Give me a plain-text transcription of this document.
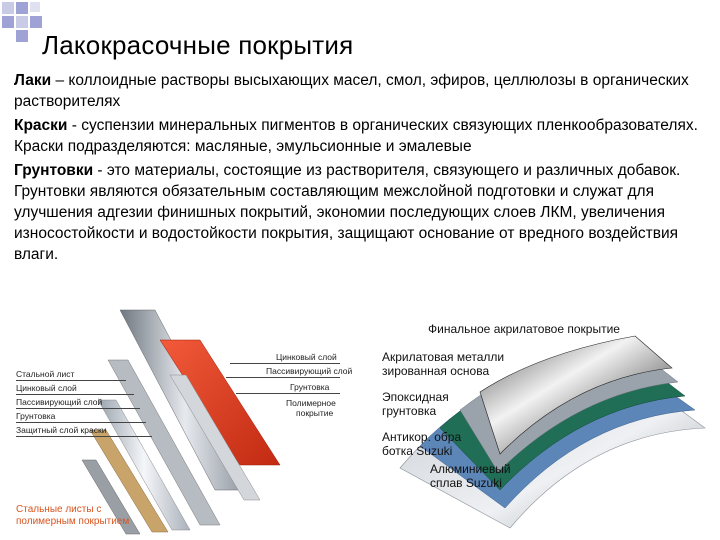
Лакокрасочные покрытия

Лаки – коллоидные растворы высыхающих масел, смол, эфиров, целлюлозы в органических растворителях

Краски - суспензии минеральных пигментов в органических связующих пленкообразователях. Краски подразделяются: масляные, эмульсионные и эмалевые

Грунтовки - это материалы, состоящие из растворителя, связующего и различных добавок. Грунтовки являются обязательным составляющим межслойной подготовки и служат для улучшения адгезии финишных покрытий, экономии последующих слоев ЛКМ, увеличения износостойкости и водостойкости покрытия, защищают основание от вредного воздействия влаги.

Стальной лист
Цинковый слой
Пассивирующий слой
Грунтовка
Защитный слой краски
Цинковый слой
Пассивирующий слой
Грунтовка
Полимерное
покрытие
Стальные листы с
полимерным покрытием
Финальное акрилатовое покрытие
Акрилатовая металли зированная основа
Эпоксидная грунтовка
Антикор. обра ботка Suzuki
Алюминиевый сплав Suzuki
